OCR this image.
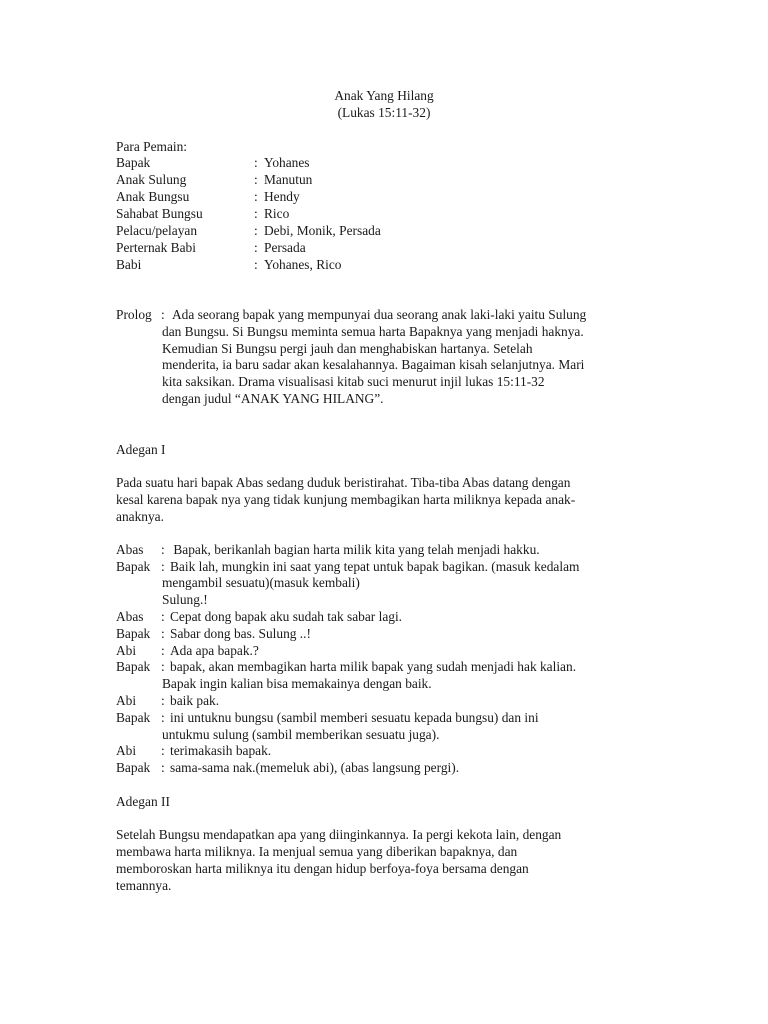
Anak Yang Hilang
(Lukas 15:11-32)
Para Pemain:
Bapak	: Yohanes
Anak Sulung	: Manutun
Anak Bungsu	: Hendy
Sahabat Bungsu	: Rico
Pelacu/pelayan	: Debi, Monik, Persada
Perternak Babi	: Persada
Babi	: Yohanes, Rico
Prolog : Ada seorang bapak yang mempunyai dua seorang anak laki-laki yaitu Sulung
dan Bungsu. Si Bungsu meminta semua harta Bapaknya yang menjadi haknya.
Kemudian Si Bungsu pergi jauh dan menghabiskan hartanya. Setelah
menderita, ia baru sadar akan kesalahannya. Bagaiman kisah selanjutnya. Mari
kita saksikan. Drama visualisasi kitab suci menurut injil lukas 15:11-32
dengan judul “ANAK YANG HILANG”.
Adegan I
Pada suatu hari bapak Abas sedang duduk beristirahat. Tiba-tiba Abas datang dengan
kesal karena bapak nya yang tidak kunjung membagikan harta miliknya kepada anak-
anaknya.
Abas : Bapak, berikanlah bagian harta milik kita yang telah menjadi hakku.
Bapak : Baik lah, mungkin ini saat yang tepat untuk bapak bagikan. (masuk kedalam
mengambil sesuatu)(masuk kembali)
Sulung.!
Abas : Cepat dong bapak aku sudah tak sabar lagi.
Bapak : Sabar dong bas. Sulung ..!
Abi : Ada apa bapak.?
Bapak : bapak, akan membagikan harta milik bapak yang sudah menjadi hak kalian.
Bapak ingin kalian bisa memakainya dengan baik.
Abi : baik pak.
Bapak : ini untuknu bungsu (sambil memberi sesuatu kepada bungsu) dan ini
untukmu sulung (sambil memberikan sesuatu juga).
Abi : terimakasih bapak.
Bapak : sama-sama nak.(memeluk abi), (abas langsung pergi).
Adegan II
Setelah Bungsu mendapatkan apa yang diinginkannya. Ia pergi kekota lain, dengan
membawa harta miliknya. Ia menjual semua yang diberikan bapaknya, dan
memboroskan harta miliknya itu dengan hidup berfoya-foya bersama dengan
temannya.
